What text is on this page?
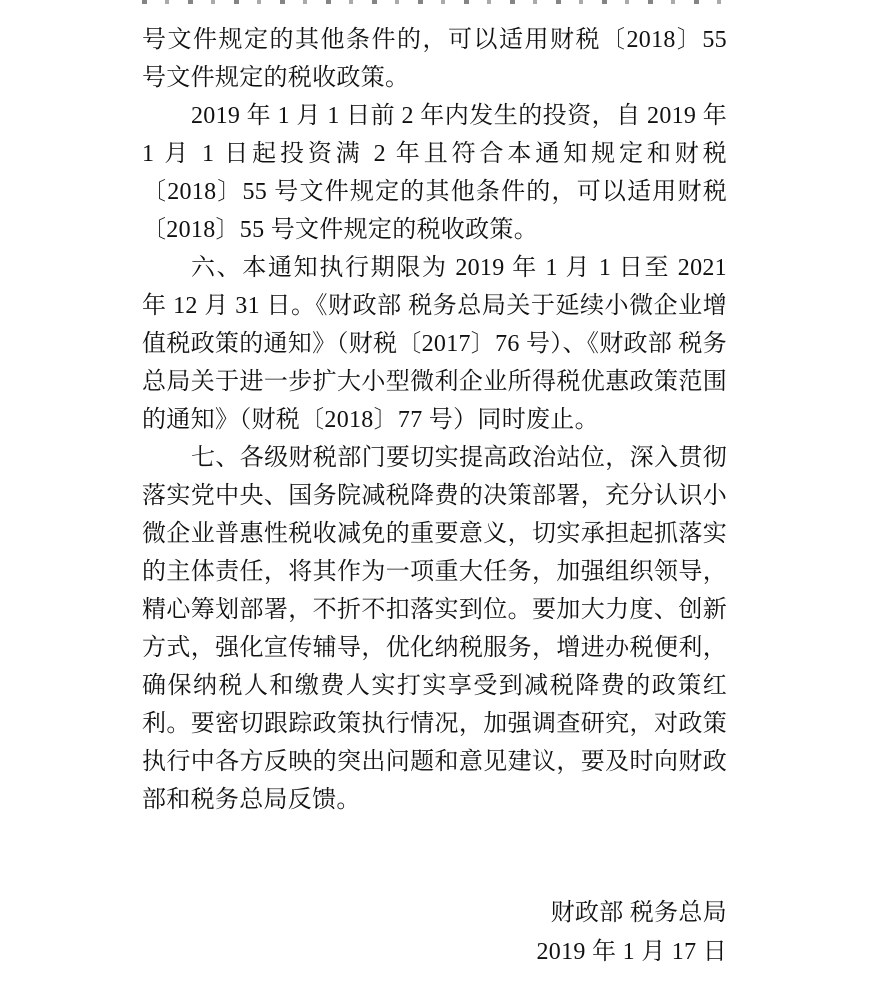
号文件规定的其他条件的，可以适用财税〔2018〕55 号文件规定的税收政策。

2019 年 1 月 1 日前 2 年内发生的投资，自 2019 年 1 月 1 日起投资满 2 年且符合本通知规定和财税〔2018〕55 号文件规定的其他条件的，可以适用财税〔2018〕55 号文件规定的税收政策。

六、本通知执行期限为 2019 年 1 月 1 日至 2021 年 12 月 31 日。《财政部 税务总局关于延续小微企业增值税政策的通知》（财税〔2017〕76 号）、《财政部 税务总局关于进一步扩大小型微利企业所得税优惠政策范围的通知》（财税〔2018〕77 号）同时废止。

七、各级财税部门要切实提高政治站位，深入贯彻落实党中央、国务院减税降费的决策部署，充分认识小微企业普惠性税收减免的重要意义，切实承担起抓落实的主体责任，将其作为一项重大任务，加强组织领导，精心筹划部署，不折不扣落实到位。要加大力度、创新方式，强化宣传辅导，优化纳税服务，增进办税便利，确保纳税人和缴费人实打实享受到减税降费的政策红利。要密切跟踪政策执行情况，加强调查研究，对政策执行中各方反映的突出问题和意见建议，要及时向财政部和税务总局反馈。

财政部 税务总局
2019 年 1 月 17 日
